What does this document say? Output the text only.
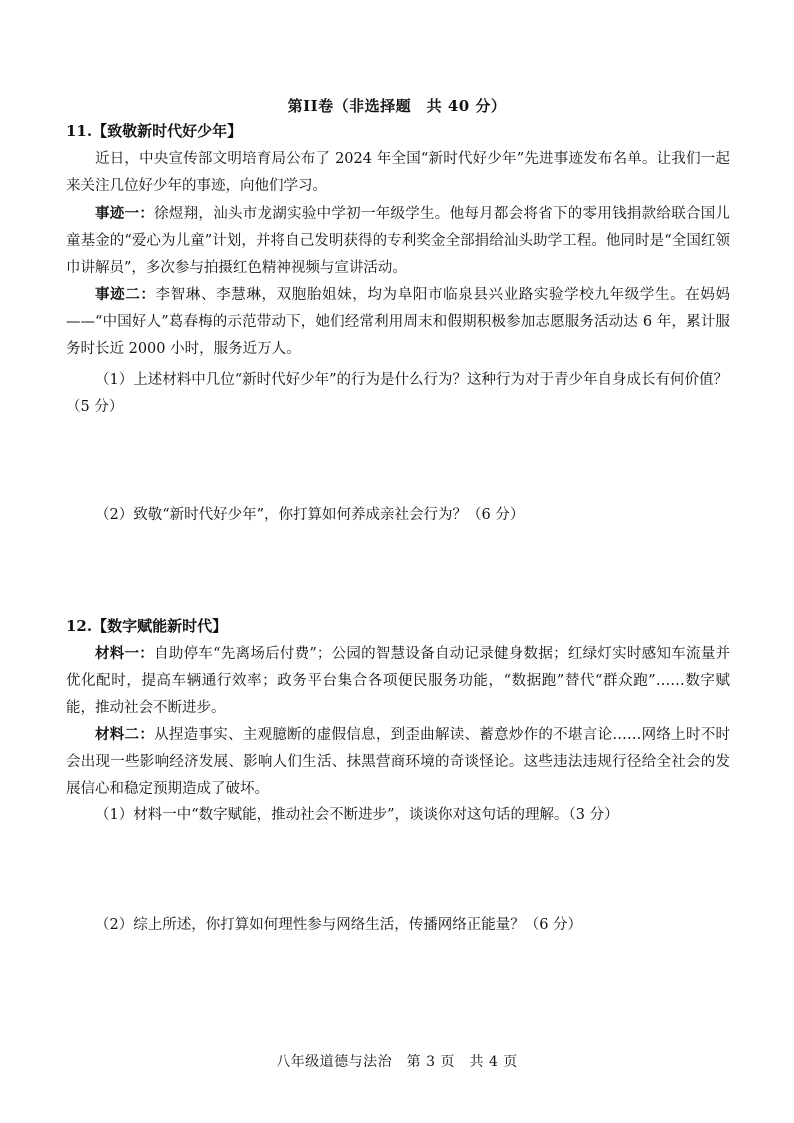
第II卷（非选择题　共 40 分）
11.【致敬新时代好少年】
近日，中央宣传部文明培育局公布了 2024 年全国“新时代好少年”先进事迹发布名单。让我们一起来关注几位好少年的事迹，向他们学习。
事迹一：徐煜翔，汕头市龙湖实验中学初一年级学生。他每月都会将省下的零用钱捐款给联合国儿童基金的“爱心为儿童”计划，并将自己发明获得的专利奖金全部捐给汕头助学工程。他同时是“全国红领巾讲解员”，多次参与拍摄红色精神视频与宣讲活动。
事迹二：李智琳、李慧琳，双胞胎姐妹，均为阜阳市临泉县兴业路实验学校九年级学生。在妈妈——“中国好人”葛春梅的示范带动下，她们经常利用周末和假期积极参加志愿服务活动达 6 年，累计服务时长近 2000 小时，服务近万人。
（1）上述材料中几位“新时代好少年”的行为是什么行为？这种行为对于青少年自身成长有何价值？（5 分）
（2）致敬“新时代好少年”，你打算如何养成亲社会行为？（6 分）
12.【数字赋能新时代】
材料一：自助停车“先离场后付费”；公园的智慧设备自动记录健身数据；红绿灯实时感知车流量并优化配时，提高车辆通行效率；政务平台集合各项便民服务功能，“数据跑”替代“群众跑”……数字赋能，推动社会不断进步。
材料二：从捏造事实、主观臆断的虚假信息，到歪曲解读、蓄意炒作的不堪言论……网络上时不时会出现一些影响经济发展、影响人们生活、抹黑营商环境的奇谈怪论。这些违法违规行径给全社会的发展信心和稳定预期造成了破坏。
（1）材料一中“数字赋能，推动社会不断进步”，谈谈你对这句话的理解。（3 分）
（2）综上所述，你打算如何理性参与网络生活，传播网络正能量？（6 分）
八年级道德与法治　第 3 页　共 4 页
